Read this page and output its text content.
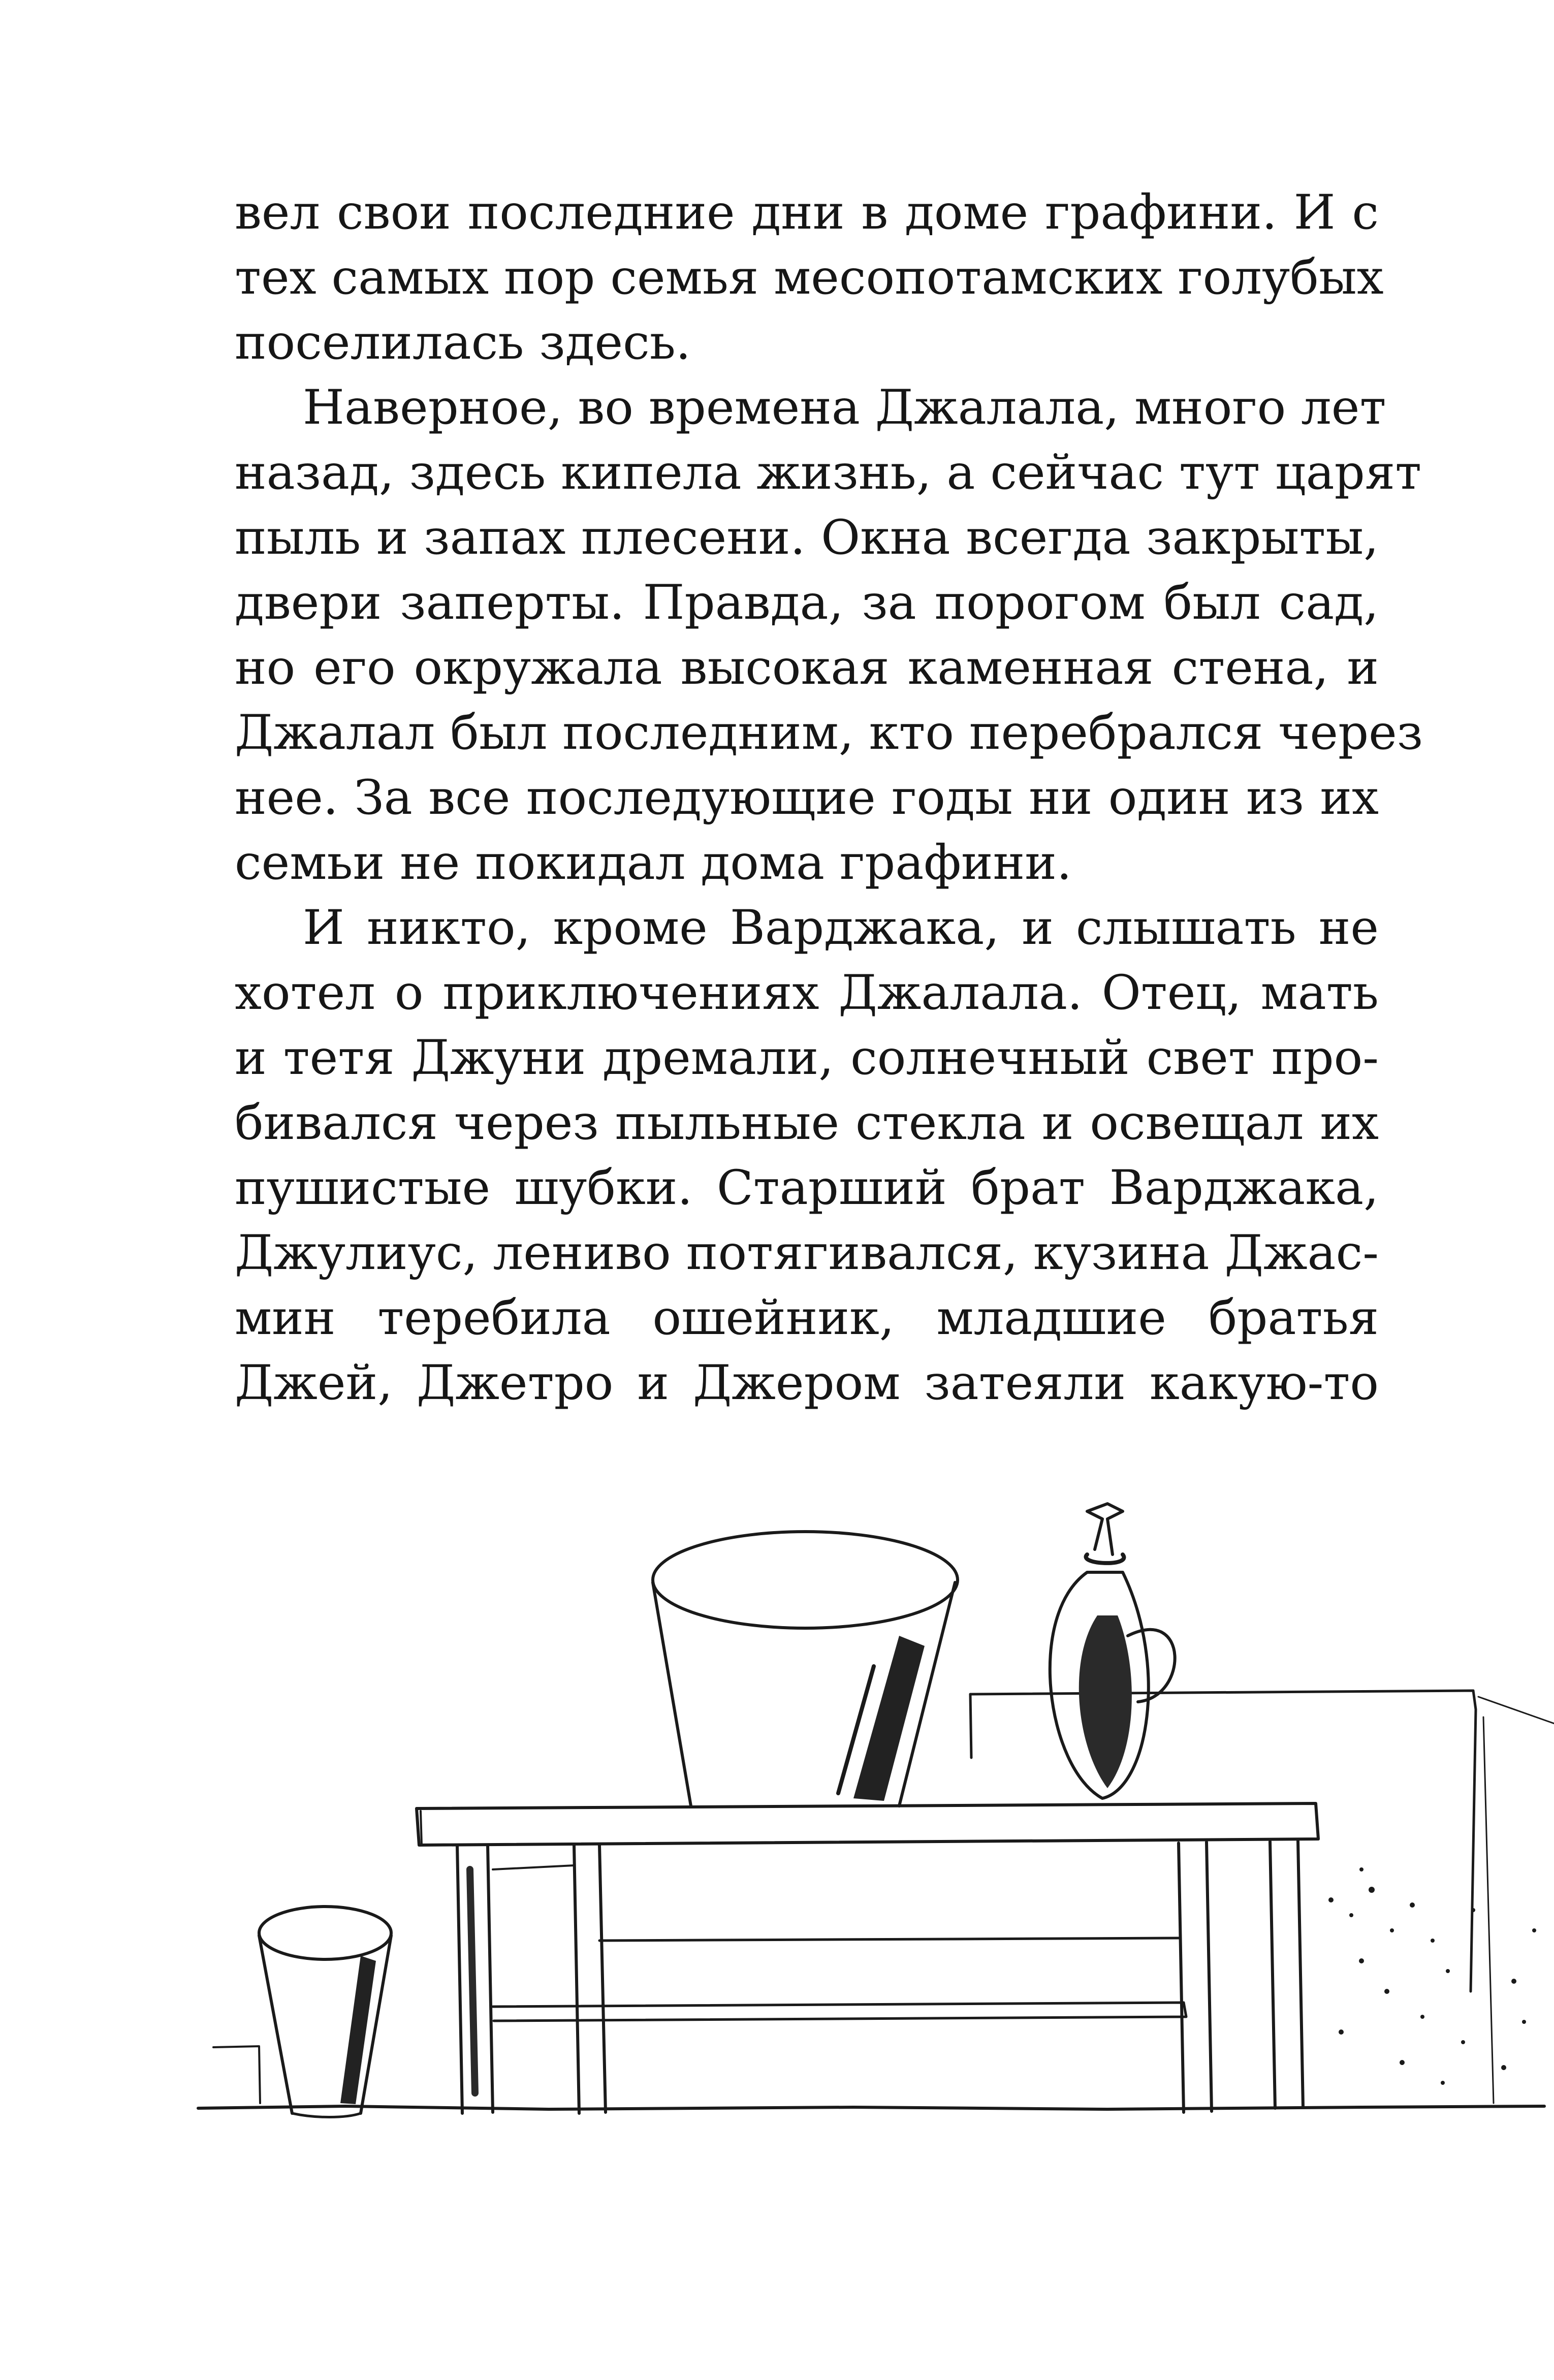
вел свои последние дни в доме графини. И с
тех самых пор семья месопотамских голубых
поселилась здесь.

Наверное, во времена Джалала, много лет
назад, здесь кипела жизнь, а сейчас тут царят
пыль и запах плесени. Окна всегда закрыты,
двери заперты. Правда, за порогом был сад,
но его окружала высокая каменная стена, и
Джалал был последним, кто перебрался через
нее. За все последующие годы ни один из их
семьи не покидал дома графини.

И никто, кроме Варджака, и слышать не
хотел о приключениях Джалала. Отец, мать
и тетя Джуни дремали, солнечный свет про-
бивался через пыльные стекла и освещал их
пушистые шубки. Старший брат Варджака,
Джулиус, лениво потягивался, кузина Джас-
мин теребила ошейник, младшие братья
Джей, Джетро и Джером затеяли какую-то
